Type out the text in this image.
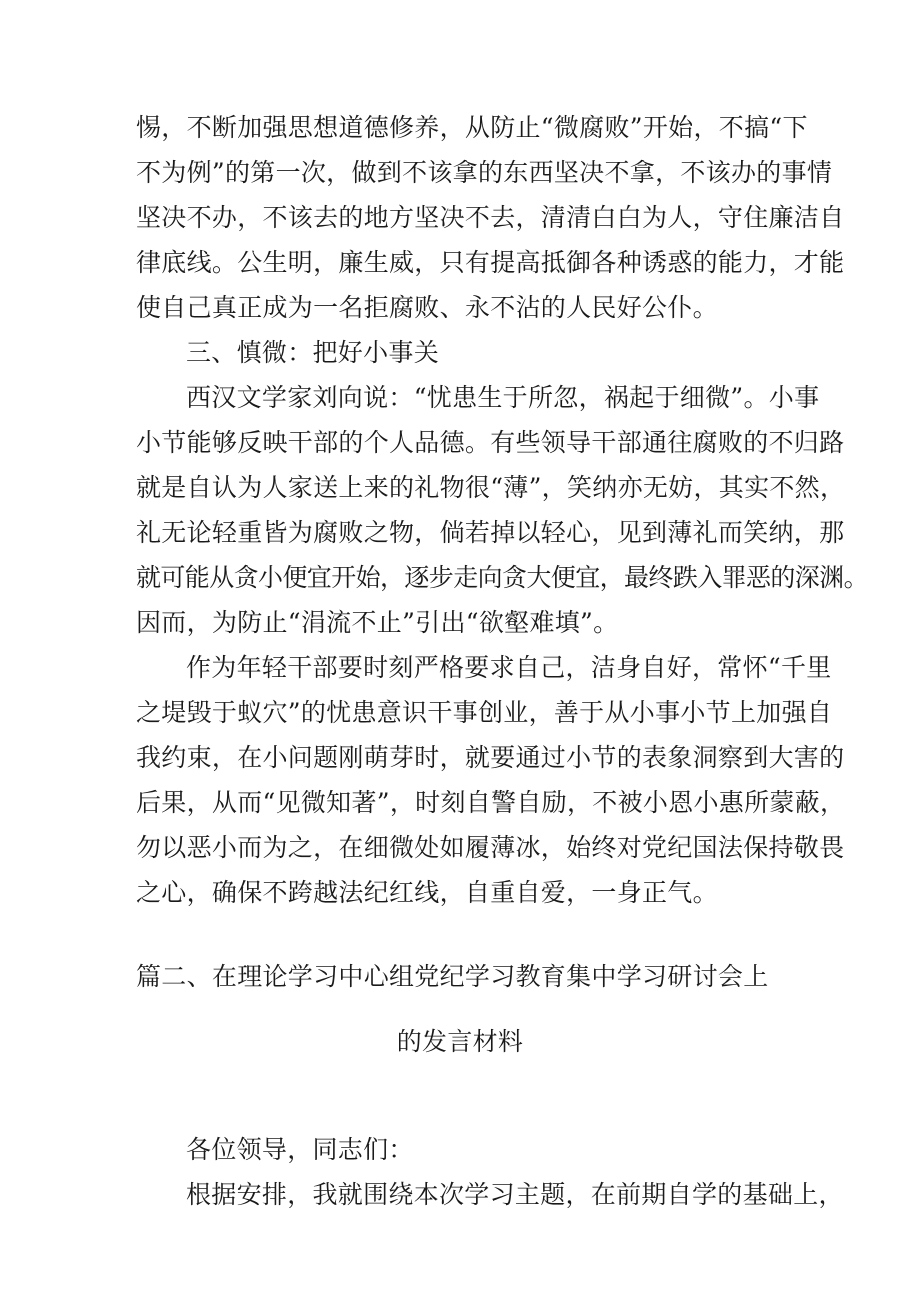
惕，不断加强思想道德修养，从防止“微腐败”开始，不搞“下
不为例”的第一次，做到不该拿的东西坚决不拿，不该办的事情
坚决不办，不该去的地方坚决不去，清清白白为人，守住廉洁自
律底线。公生明，廉生威，只有提高抵御各种诱惑的能力，才能
使自己真正成为一名拒腐败、永不沾的人民好公仆。
三、慎微：把好小事关
西汉文学家刘向说：“忧患生于所忽，祸起于细微”。小事
小节能够反映干部的个人品德。有些领导干部通往腐败的不归路
就是自认为人家送上来的礼物很“薄”，笑纳亦无妨，其实不然，
礼无论轻重皆为腐败之物，倘若掉以轻心，见到薄礼而笑纳，那
就可能从贪小便宜开始，逐步走向贪大便宜，最终跌入罪恶的深渊。
因而，为防止“涓流不止”引出“欲壑难填”。
作为年轻干部要时刻严格要求自己，洁身自好，常怀“千里
之堤毁于蚁穴”的忧患意识干事创业，善于从小事小节上加强自
我约束，在小问题刚萌芽时，就要通过小节的表象洞察到大害的
后果，从而“见微知著”，时刻自警自励，不被小恩小惠所蒙蔽，
勿以恶小而为之，在细微处如履薄冰，始终对党纪国法保持敬畏
之心，确保不跨越法纪红线，自重自爱，一身正气。
篇二、在理论学习中心组党纪学习教育集中学习研讨会上
的发言材料
各位领导，同志们：
根据安排，我就围绕本次学习主题，在前期自学的基础上，
